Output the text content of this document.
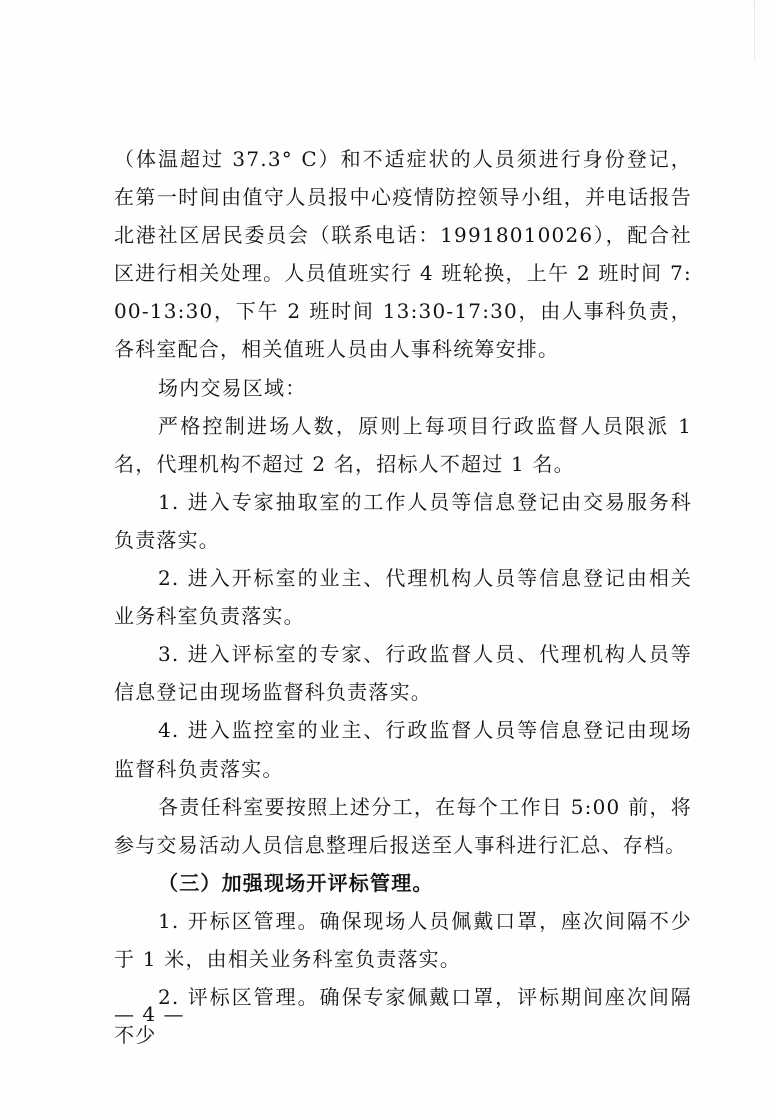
（体温超过 37.3° C）和不适症状的人员须进行身份登记，在第一时间由值守人员报中心疫情防控领导小组，并电话报告北港社区居民委员会（联系电话：19918010026），配合社区进行相关处理。人员值班实行 4 班轮换，上午 2 班时间 7:00-13:30，下午 2 班时间 13:30-17:30，由人事科负责，各科室配合，相关值班人员由人事科统筹安排。

场内交易区域：

严格控制进场人数，原则上每项目行政监督人员限派 1 名，代理机构不超过 2 名，招标人不超过 1 名。

1. 进入专家抽取室的工作人员等信息登记由交易服务科负责落实。

2. 进入开标室的业主、代理机构人员等信息登记由相关业务科室负责落实。

3. 进入评标室的专家、行政监督人员、代理机构人员等信息登记由现场监督科负责落实。

4. 进入监控室的业主、行政监督人员等信息登记由现场监督科负责落实。

各责任科室要按照上述分工，在每个工作日 5:00 前，将参与交易活动人员信息整理后报送至人事科进行汇总、存档。

（三）加强现场开评标管理。

1. 开标区管理。确保现场人员佩戴口罩，座次间隔不少于 1 米，由相关业务科室负责落实。

2. 评标区管理。确保专家佩戴口罩，评标期间座次间隔不少

— 4 —
